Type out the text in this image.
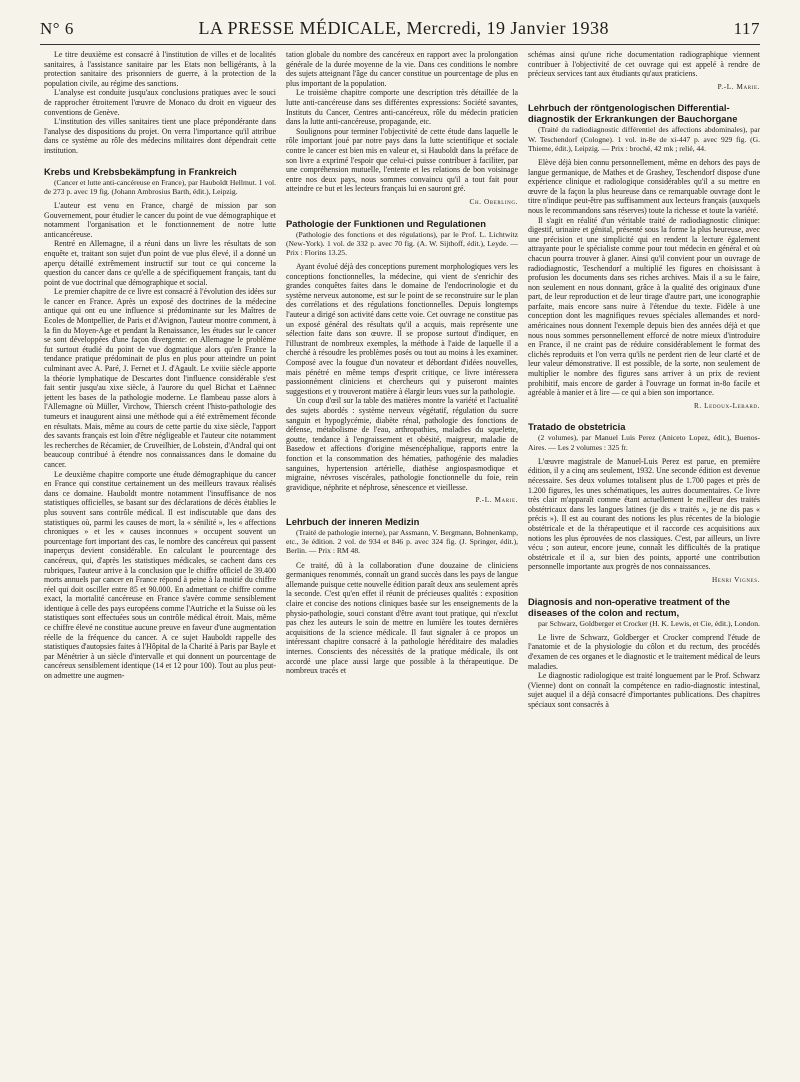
N° 6	LA PRESSE MÉDICALE, Mercredi, 19 Janvier 1938	117

Le titre deuxième est consacré à l'institution de villes et de localités sanitaires, à l'assistance sanitaire par les Etats non belligérants, à la protection sanitaire des prisonniers de guerre, à la protection de la population civile, au régime des sanctions.

L'analyse est conduite jusqu'aux conclusions pratiques avec le souci de rapprocher étroitement l'œuvre de Monaco du droit en vigueur des conventions de Genève.

L'institution des villes sanitaires tient une place prépondérante dans l'analyse des dispositions du projet. On verra l'importance qu'il attribue dans ce système au rôle des médecins militaires dont dépendrait cette institution.

Krebs und Krebsbekämpfung in Frankreich

(Cancer et lutte anti-cancéreuse en France), par Hauboldt Hellmut. 1 vol. de 273 p. avec 19 fig. (Johann Ambrosius Barth, édit.), Leipzig.

L'auteur est venu en France, chargé de mission par son Gouvernement, pour étudier le cancer du point de vue démographique et notamment l'organisation et le fonctionnement de notre lutte anticancéreuse.

Rentré en Allemagne, il a réuni dans un livre les résultats de son enquête et, traitant son sujet d'un point de vue plus élevé, il a donné un aperçu détaillé extrêmement instructif sur tout ce qui concerne la question du cancer dans ce qu'elle a de spécifiquement français, tant du point de vue doctrinal que démographique et social.

Le premier chapitre de ce livre est consacré à l'évolution des idées sur le cancer en France. Après un exposé des doctrines de la médecine antique qui ont eu une influence si prédominante sur les Maîtres de Ecoles de Montpellier, de Paris et d'Avignon, l'auteur montre comment, à la fin du Moyen-Age et pendant la Renaissance, les études sur le cancer se sont développées d'une façon divergente: en Allemagne le problème fut surtout étudié du point de vue dogmatique alors qu'en France la tendance pratique prédominait de plus en plus pour atteindre un point culminant avec A. Paré, J. Fernet et J. d'Agault. Le xviiie siècle apporte la théorie lymphatique de Descartes dont l'influence considérable s'est fait sentir jusqu'au xixe siècle, à l'aurore du quel Bichat et Laënnec jettent les bases de la pathologie moderne. Le flambeau passe alors à l'Allemagne où Müller, Virchow, Thiersch créent l'histo-pathologie des tumeurs et inaugurent ainsi une méthode qui a été extrêmement féconde en résultats. Mais, même au cours de cette partie du xixe siècle, l'apport des savants français est loin d'être négligeable et l'auteur cite notamment les recherches de Récamier, de Cruveilhier, de Lobstein, d'Andral qui ont beaucoup contribué à étendre nos connaissances dans le domaine du cancer.

Le deuxième chapitre comporte une étude démographique du cancer en France qui constitue certainement un des meilleurs travaux réalisés dans ce domaine. Hauboldt montre notamment l'insuffisance de nos statistiques officielles, se basant sur des déclarations de décès établies le plus souvent sans contrôle médical. Il est indiscutable que dans des statistiques où, parmi les causes de mort, la « sénilité », les « affections chroniques » et les « causes inconnues » occupent souvent un pourcentage fort important des cas, le nombre des cancéreux qui passent inaperçus devient considérable. En calculant le pourcentage des cancéreux, qui, d'après les statistiques médicales, se cachent dans ces rubriques, l'auteur arrive à la conclusion que le chiffre officiel de 39.400 morts annuels par cancer en France répond à peine à la moitié du chiffre réel qui doit osciller entre 85 et 90.000. En admettant ce chiffre comme exact, la mortalité cancéreuse en France s'avère comme sensiblement identique à celle des pays européens comme l'Autriche et la Suisse où les statistiques sont effectuées sous un contrôle médical étroit. Mais, même ce chiffre élevé ne constitue aucune preuve en faveur d'une augmentation réelle de la fréquence du cancer. A ce sujet Hauboldt rappelle des statistiques d'autopsies faites à l'Hôpital de la Charité à Paris par Bayle et par Ménétrier à un siècle d'intervalle et qui donnent un pourcentage de cancéreux sensiblement identique (14 et 12 pour 100). Tout au plus peut-on admettre une augmen-

tation globale du nombre des cancéreux en rapport avec la prolongation générale de la durée moyenne de la vie. Dans ces conditions le nombre des sujets atteignant l'âge du cancer constitue un pourcentage de plus en plus important de la population.

Le troisième chapitre comporte une description très détaillée de la lutte anti-cancéreuse dans ses différentes expressions: Société savantes, Instituts du Cancer, Centres anti-cancéreux, rôle du médecin praticien dans la lutte anti-cancéreuse, propagande, etc.

Soulignons pour terminer l'objectivité de cette étude dans laquelle le rôle important joué par notre pays dans la lutte scientifique et sociale contre le cancer est bien mis en valeur et, si Hauboldt dans la préface de son livre a exprimé l'espoir que celui-ci puisse contribuer à faciliter, par une compréhension mutuelle, l'entente et les relations de bon voisinage entre nos deux pays, nous sommes convaincu qu'il a tout fait pour atteindre ce but et les lecteurs français lui en sauront gré.

Ch. Oberling.

Pathologie der Funktionen und Regulationen

(Pathologie des fonctions et des régulations), par le Prof. L. Lichtwitz (New-York). 1 vol. de 332 p. avec 70 fig. (A. W. Sijthoff, édit.), Leyde. — Prix : Florins 13.25.

Ayant évolué déjà des conceptions purement morphologiques vers les conceptions fonctionnelles, la médecine, qui vient de s'enrichir des grandes conquêtes faites dans le domaine de l'endocrinologie et du système nerveux autonome, est sur le point de se reconstruire sur le plan des corrélations et des régulations fonctionnelles. Depuis longtemps l'auteur a dirigé son activité dans cette voie. Cet ouvrage ne constitue pas un exposé général des résultats qu'il a acquis, mais représente une sélection faite dans son œuvre. Il se propose surtout d'indiquer, en l'illustrant de nombreux exemples, la méthode à l'aide de laquelle il a cherché à résoudre les problèmes posés ou tout au moins à les examiner. Composé avec la fougue d'un novateur et débordant d'idées nouvelles, mais pénétré en même temps d'esprit critique, ce livre intéressera passionnément cliniciens et chercheurs qui y puiseront maintes suggestions et y trouveront matière à élargir leurs vues sur la pathologie.

Un coup d'œil sur la table des matières montre la variété et l'actualité des sujets abordés : système nerveux végétatif, régulation du sucre sanguin et hypoglycémie, diabète rénal, pathologie des fonctions de défense, métabolisme de l'eau, arthropathies, maladies du squelette, goutte, tendance à l'engraissement et obésité, maigreur, maladie de Basedow et affections d'origine mésencéphalique, rapports entre la fonction et la consommation des hématies, pathogénie des maladies sanguines, hypertension artérielle, diathèse angiospasmodique et migraine, névroses viscérales, pathologie fonctionnelle du foie, rein gravidique, néphrite et néphrose, sénescence et vieillesse.

P.-L. Marie.

Lehrbuch der inneren Medizin

(Traité de pathologie interne), par Assmann, V. Bergmann, Bohnenkamp, etc., 3e édition. 2 vol. de 934 et 846 p. avec 324 fig. (J. Springer, édit.), Berlin. — Prix : RM 48.

Ce traité, dû à la collaboration d'une douzaine de cliniciens germaniques renommés, connaît un grand succès dans les pays de langue allemande puisque cette nouvelle édition paraît deux ans seulement après la seconde. C'est qu'en effet il réunit de précieuses qualités : exposition claire et concise des notions cliniques basée sur les enseignements de la physio-pathologie, souci constant d'être avant tout pratique, qui n'exclut pas chez les auteurs le soin de mettre en lumière les toutes dernières acquisitions de la science médicale. Il faut signaler à ce propos un intéressant chapitre consacré à la pathologie héréditaire des maladies internes. Conscients des nécessités de la pratique médicale, ils ont accordé une place aussi large que possible à la thérapeutique. De nombreux tracés et

schémas ainsi qu'une riche documentation radiographique viennent contribuer à l'objectivité de cet ouvrage qui est appelé à rendre de précieux services tant aux étudiants qu'aux praticiens.

P.-L. Marie.

Lehrbuch der röntgenologischen Differential-diagnostik der Erkrankungen der Bauchorgane

(Traité du radiodiagnostic différentiel des affections abdominales), par W. Teschendorf (Cologne). 1 vol. in-8e de xi-447 p. avec 929 fig. (G. Thieme, édit.), Leipzig. — Prix : broché, 42 mk ; relié, 44.

Elève déjà bien connu personnellement, même en dehors des pays de langue germanique, de Mathes et de Grashey, Teschendorf dispose d'une expérience clinique et radiologique considérables qu'il a su mettre en œuvre de la façon la plus heureuse dans ce remarquable ouvrage dont le titre n'indique peut-être pas suffisamment aux lecteurs français (auxquels nous le recommandons sans réserves) toute la richesse et toute la variété.

Il s'agit en réalité d'un véritable traité de radiodiagnostic clinique: digestif, urinaire et génital, présenté sous la forme la plus heureuse, avec une précision et une simplicité qui en rendent la lecture également attrayante pour le spécialiste comme pour tout médecin en général et où chacun pourra trouver à glaner. Ainsi qu'il convient pour un ouvrage de radiodiagnostic, Teschendorf a multiplié les figures en choisissant à profusion les documents dans ses riches archives. Mais il a su le faire, non seulement en nous donnant, grâce à la qualité des originaux d'une part, de leur reproduction et de leur tirage d'autre part, une iconographie parfaite, mais encore sans nuire à l'étendue du texte. Fidèle à une conception dont les magnifiques revues spéciales allemandes et nord-américaines nous donnent l'exemple depuis bien des années déjà et que nous nous sommes personnellement efforcé de notre mieux d'introduire en France, il ne craint pas de réduire considérablement le format des clichés reproduits et l'on verra qu'ils ne perdent rien de leur clarté et de leur valeur démonstrative. Il est possible, de la sorte, non seulement de multiplier le nombre des figures sans arriver à un prix de revient prohibitif, mais encore de garder à l'ouvrage un format in-8o facile et agréable à manier et à lire — ce qui a bien son importance.

R. Ledoux-Lebard.

Tratado de obstetricia

(2 volumes), par Manuel Luis Perez (Aniceto Lopez, édit.), Buenos-Aires. — Les 2 volumes : 325 fr.

L'œuvre magistrale de Manuel-Luis Perez est parue, en première édition, il y a cinq ans seulement, 1932. Une seconde édition est devenue nécessaire. Ses deux volumes totalisent plus de 1.700 pages et près de 1.200 figures, les unes schématiques, les autres documentaires. Ce livre très clair m'apparaît comme étant actuellement le meilleur des traités obstétricaux dans les langues latines (je dis « traités », je ne dis pas « précis »). Il est au courant des notions les plus récentes de la biologie obstétricale et de la thérapeutique et il raccorde ces acquisitions aux notions les plus éprouvées de nos classiques. C'est, par ailleurs, un livre vécu ; son auteur, encore jeune, connaît les difficultés de la pratique obstétricale et il a, sur bien des points, apporté une contribution personnelle importante aux progrès de nos connaissances.

Henri Vignes.

Diagnosis and non-operative treatment of the diseases of the colon and rectum,

par Schwarz, Goldberger et Crocker (H. K. Lewis, et Cie, édit.), London.

Le livre de Schwarz, Goldberger et Crocker comprend l'étude de l'anatomie et de la physiologie du côlon et du rectum, des procédés d'examen de ces organes et le diagnostic et le traitement médical de leurs maladies.

Le diagnostic radiologique est traité longuement par le Prof. Schwarz (Vienne) dont on connaît la compétence en radio-diagnostic intestinal, sujet auquel il a déjà consacré d'importantes publications. Des chapitres spéciaux sont consacrés à
